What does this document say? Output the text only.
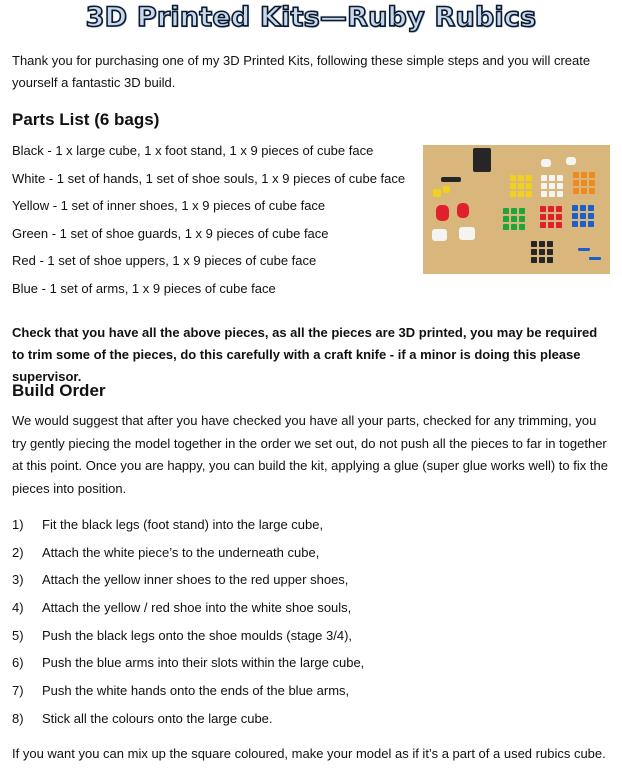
3D Printed Kits—Ruby Rubics

Thank you for purchasing one of my 3D Printed Kits, following these simple steps and you will create yourself a fantastic 3D build.

Parts List (6 bags)
Black - 1 x large cube, 1 x foot stand, 1 x 9 pieces of cube face
White - 1 set of hands, 1 set of shoe souls, 1 x 9 pieces of cube face
Yellow - 1 set of inner shoes, 1 x 9 pieces of cube face
Green - 1 set of shoe guards, 1 x 9 pieces of cube face
Red - 1 set of shoe uppers, 1 x 9 pieces of cube face
Blue - 1 set of arms, 1 x 9 pieces of cube face

Check that you have all the above pieces, as all the pieces are 3D printed, you may be required to trim some of the pieces, do this carefully with a craft knife - if a minor is doing this please supervisor.

Build Order

We would suggest that after you have checked you have all your parts, checked for any trimming, you try gently piecing the model together in the order we set out, do not push all the pieces to far in together at this point. Once you are happy, you can build the kit, applying a glue (super glue works well) to fix the pieces into position.

1) Fit the black legs (foot stand) into the large cube,
2) Attach the white piece’s to the underneath cube,
3) Attach the yellow inner shoes to the red upper shoes,
4) Attach the yellow / red shoe into the white shoe souls,
5) Push the black legs onto the shoe moulds (stage 3/4),
6) Push the blue arms into their slots within the large cube,
7) Push the white hands onto the ends of the blue arms,
8) Stick all the colours onto the large cube.

If you want you can mix up the square coloured, make your model as if it’s a part of a used rubics cube.
